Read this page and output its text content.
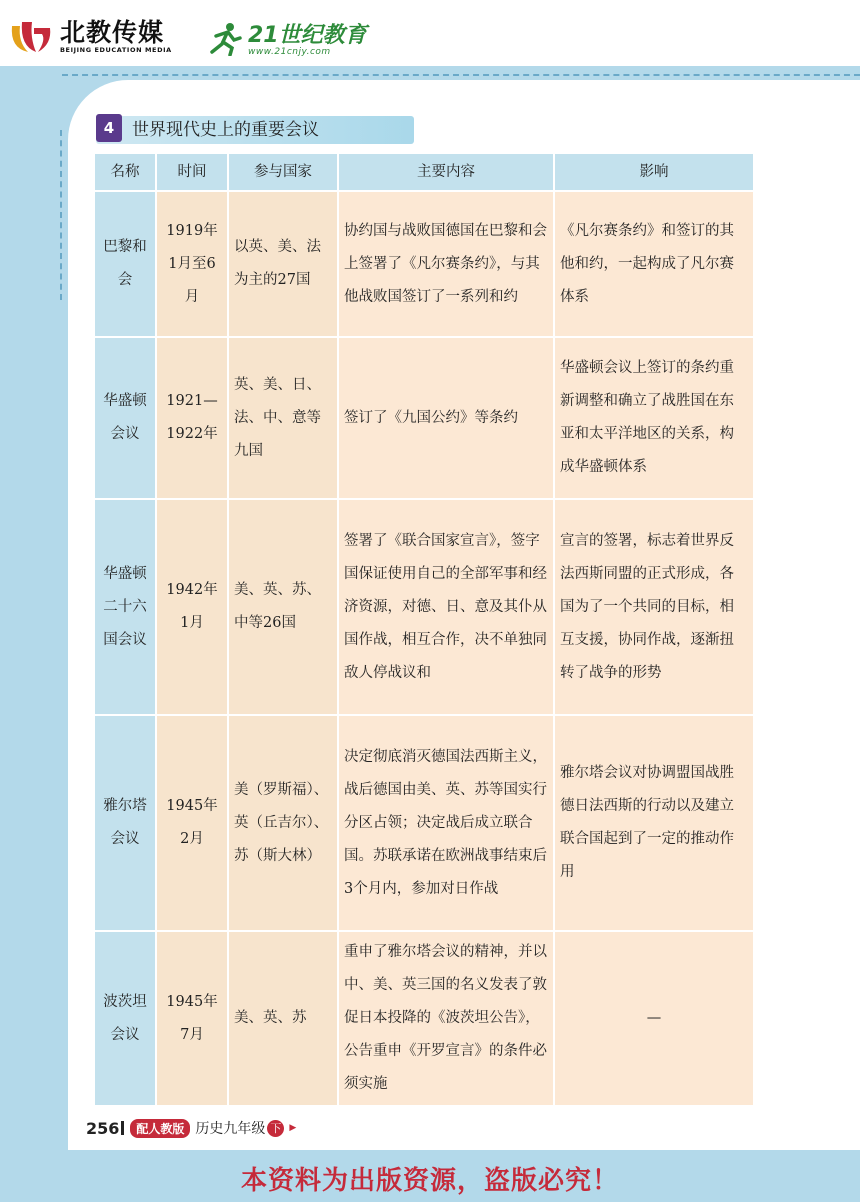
北教传媒
BEIJING EDUCATION MEDIA
21世纪教育
www.21cnjy.com
4	世界现代史上的重要会议
名称	时间	参与国家	主要内容	影响
巴黎和会	1919年1月至6月	以英、美、法为主的27国	协约国与战败国德国在巴黎和会上签署了《凡尔赛条约》，与其他战败国签订了一系列和约	《凡尔赛条约》和签订的其他和约，一起构成了凡尔赛体系
华盛顿会议	1921—1922年	英、美、日、法、中、意等九国	签订了《九国公约》等条约	华盛顿会议上签订的条约重新调整和确立了战胜国在东亚和太平洋地区的关系，构成华盛顿体系
华盛顿二十六国会议	1942年1月	美、英、苏、中等26国	签署了《联合国家宣言》，签字国保证使用自己的全部军事和经济资源，对德、日、意及其仆从国作战，相互合作，决不单独同敌人停战议和	宣言的签署，标志着世界反法西斯同盟的正式形成，各国为了一个共同的目标，相互支援，协同作战，逐渐扭转了战争的形势
雅尔塔会议	1945年2月	美（罗斯福）、英（丘吉尔）、苏（斯大林）	决定彻底消灭德国法西斯主义，战后德国由美、英、苏等国实行分区占领；决定战后成立联合国。苏联承诺在欧洲战事结束后3个月内，参加对日作战	雅尔塔会议对协调盟国战胜德日法西斯的行动以及建立联合国起到了一定的推动作用
波茨坦会议	1945年7月	美、英、苏	重申了雅尔塔会议的精神，并以中、美、英三国的名义发表了敦促日本投降的《波茨坦公告》，公告重申《开罗宣言》的条件必须实施	—
256	配人教版 历史九年级 下 ▶
本资料为出版资源，盗版必究！
